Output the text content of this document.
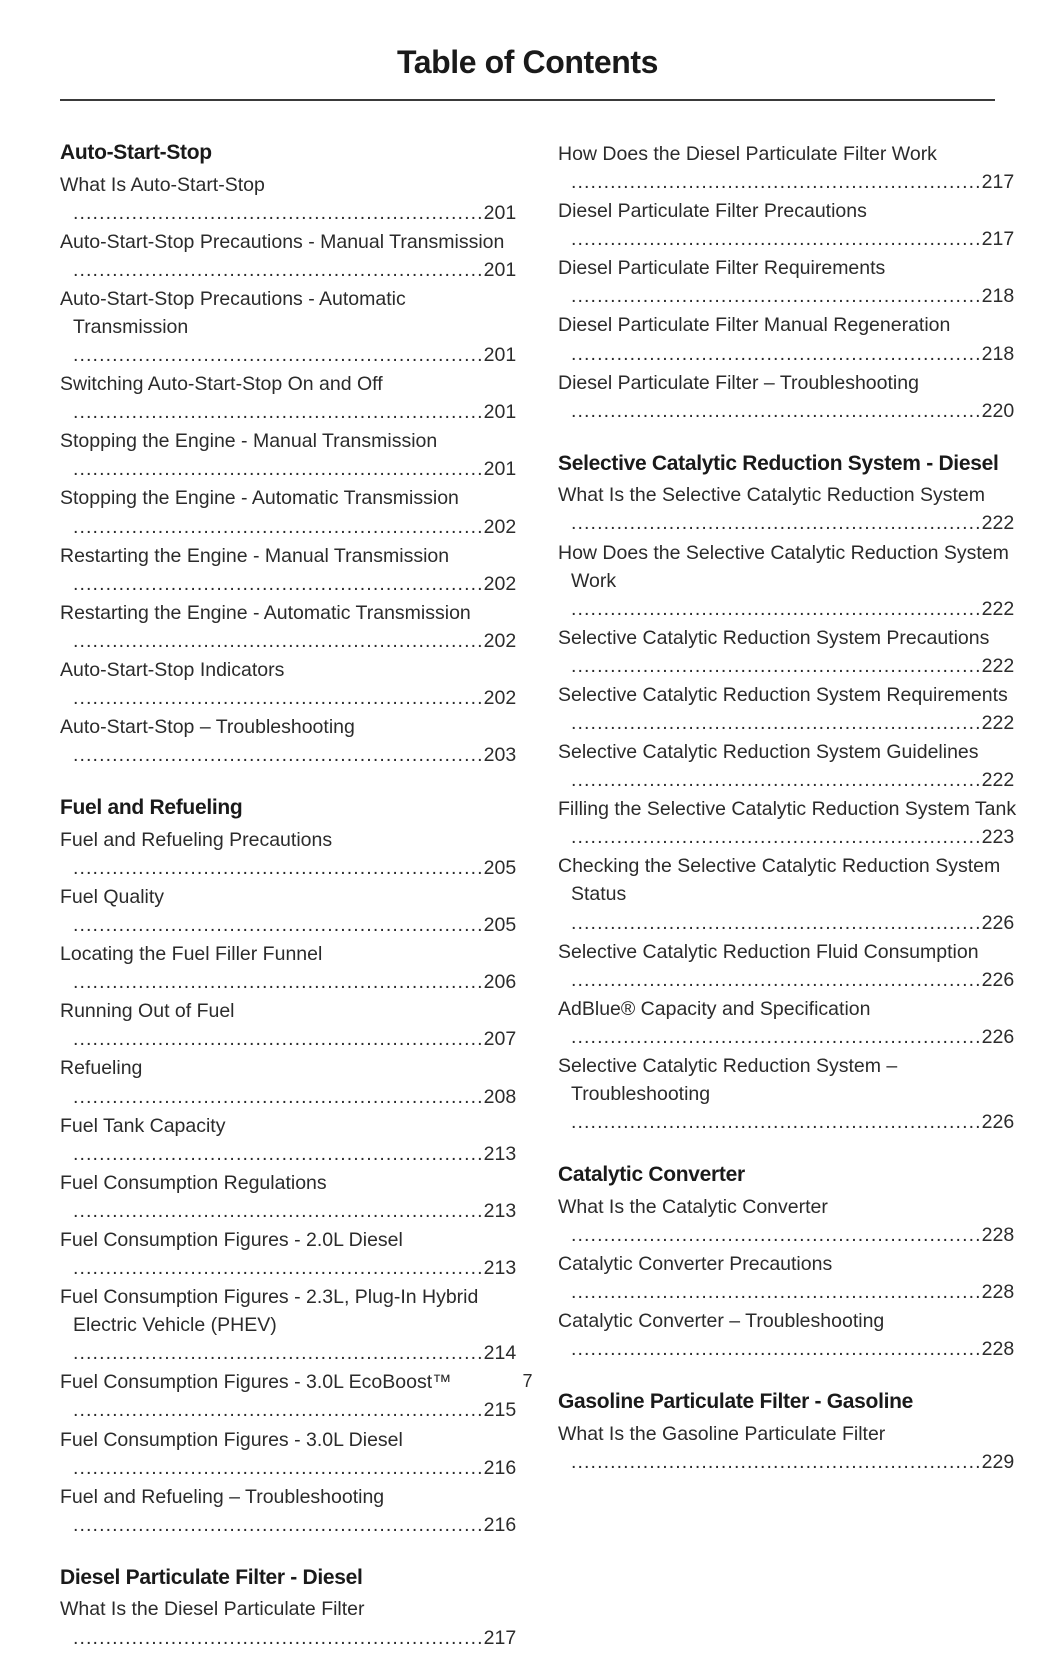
Table of Contents
Auto-Start-Stop
What Is Auto-Start-Stop ...............................................................201
Auto-Start-Stop Precautions - Manual Transmission ...............................................................201
Auto-Start-Stop Precautions - Automatic Transmission ...............................................................201
Switching Auto-Start-Stop On and Off ...............................................................201
Stopping the Engine - Manual Transmission ...............................................................201
Stopping the Engine - Automatic Transmission ...............................................................202
Restarting the Engine - Manual Transmission ...............................................................202
Restarting the Engine - Automatic Transmission ...............................................................202
Auto-Start-Stop Indicators ...............................................................202
Auto-Start-Stop – Troubleshooting ...............................................................203
Fuel and Refueling
Fuel and Refueling Precautions ...............................................................205
Fuel Quality ...............................................................205
Locating the Fuel Filler Funnel ...............................................................206
Running Out of Fuel ...............................................................207
Refueling ...............................................................208
Fuel Tank Capacity ...............................................................213
Fuel Consumption Regulations ...............................................................213
Fuel Consumption Figures - 2.0L Diesel ...............................................................213
Fuel Consumption Figures - 2.3L, Plug-In Hybrid Electric Vehicle (PHEV) ...............................................................214
Fuel Consumption Figures - 3.0L EcoBoost™ ...............................................................215
Fuel Consumption Figures - 3.0L Diesel ...............................................................216
Fuel and Refueling – Troubleshooting ...............................................................216
Diesel Particulate Filter - Diesel
What Is the Diesel Particulate Filter ...............................................................217
How Does the Diesel Particulate Filter Work ...............................................................217
Diesel Particulate Filter Precautions ...............................................................217
Diesel Particulate Filter Requirements ...............................................................218
Diesel Particulate Filter Manual Regeneration ...............................................................218
Diesel Particulate Filter – Troubleshooting ...............................................................220
Selective Catalytic Reduction System - Diesel
What Is the Selective Catalytic Reduction System ...............................................................222
How Does the Selective Catalytic Reduction System Work ...............................................................222
Selective Catalytic Reduction System Precautions ...............................................................222
Selective Catalytic Reduction System Requirements ...............................................................222
Selective Catalytic Reduction System Guidelines ...............................................................222
Filling the Selective Catalytic Reduction System Tank ...............................................................223
Checking the Selective Catalytic Reduction System Status ...............................................................226
Selective Catalytic Reduction Fluid Consumption ...............................................................226
AdBlue® Capacity and Specification ...............................................................226
Selective Catalytic Reduction System – Troubleshooting ...............................................................226
Catalytic Converter
What Is the Catalytic Converter ...............................................................228
Catalytic Converter Precautions ...............................................................228
Catalytic Converter – Troubleshooting ...............................................................228
Gasoline Particulate Filter - Gasoline
What Is the Gasoline Particulate Filter ...............................................................229
7
